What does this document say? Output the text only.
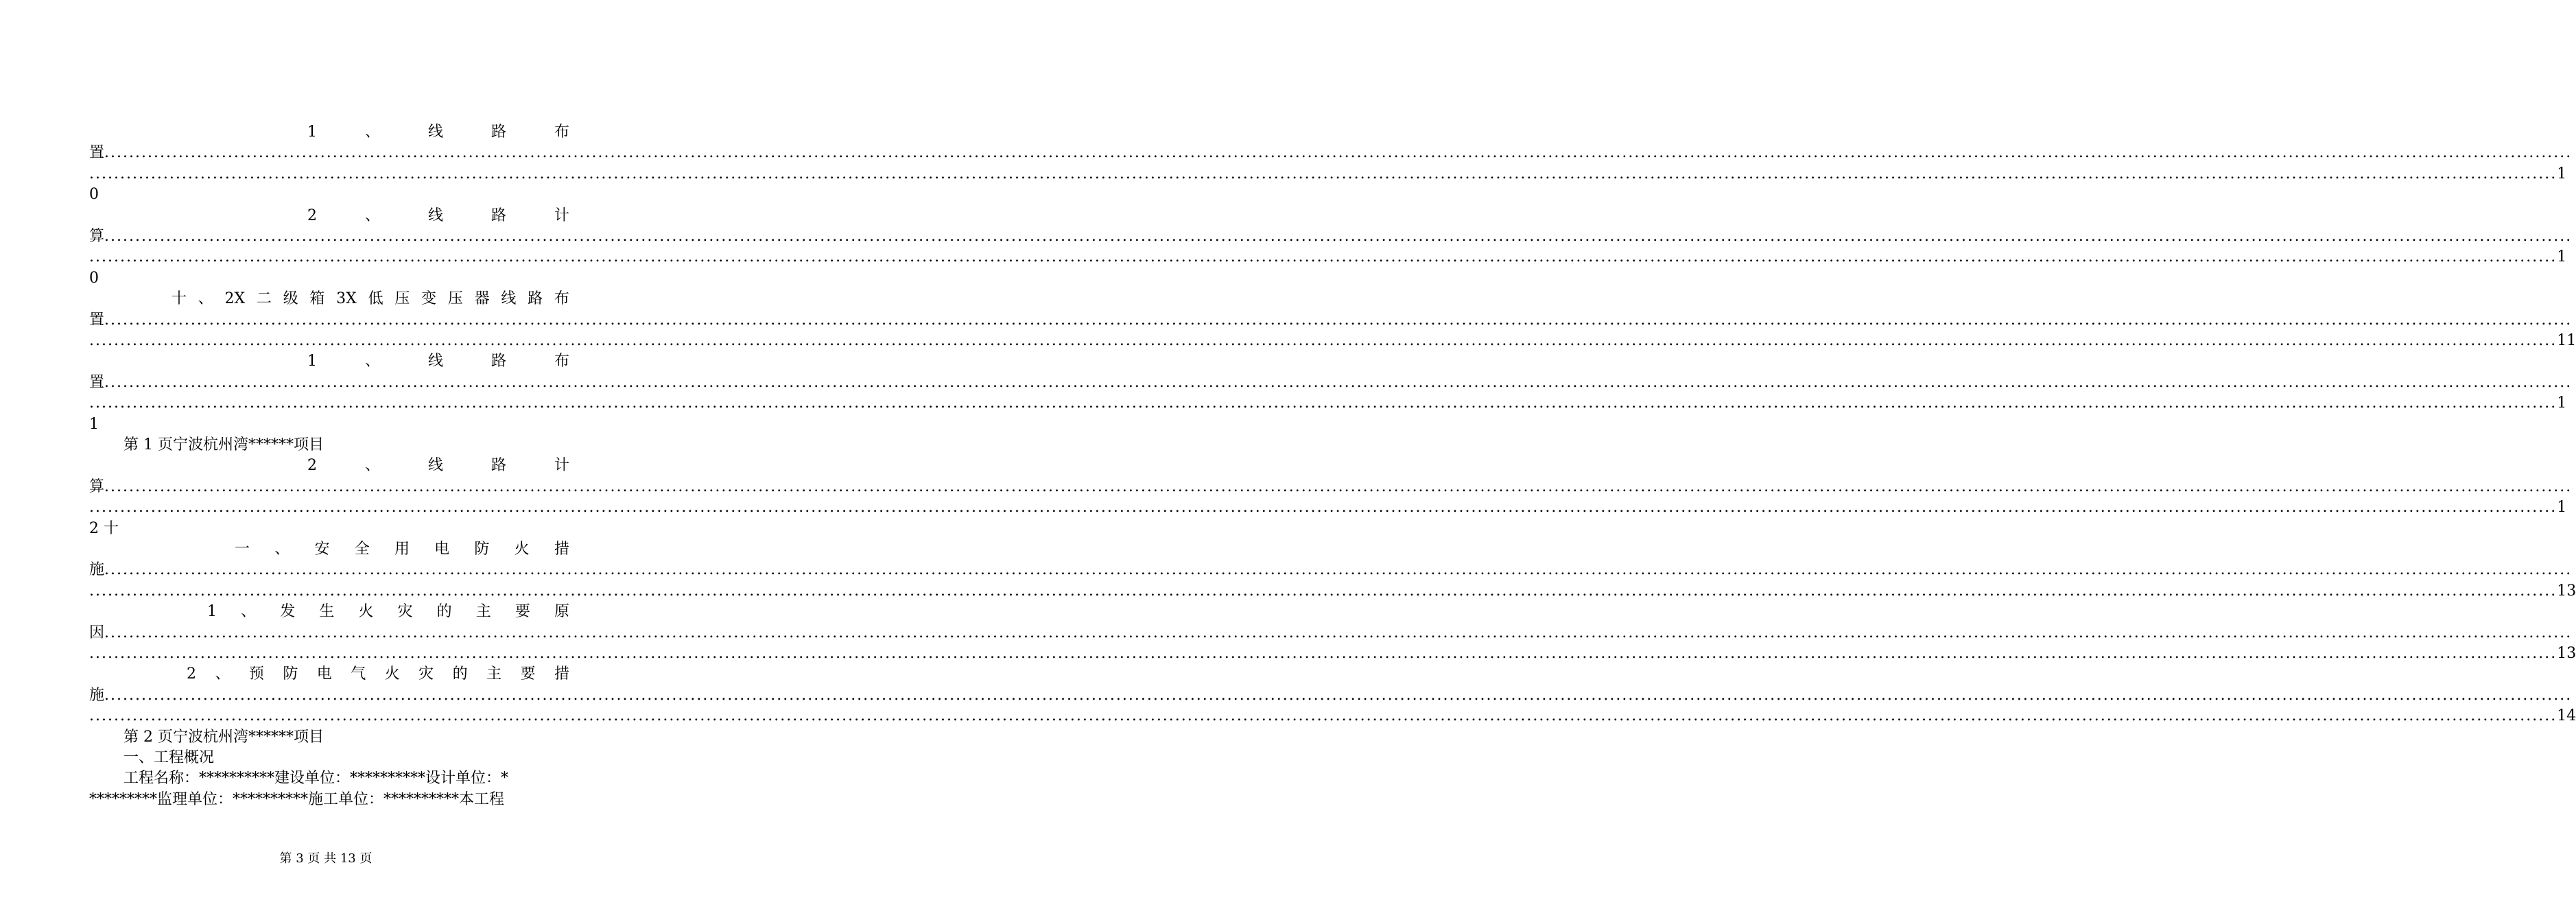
1	、	线	路	布
置 ................................................................................................................................................................................................................................................................................................................................................................................................................
................................................................................................................................................................................................................................................................................................................................................................................................................ 1
0
2	、	线	路	计
算 ................................................................................................................................................................................................................................................................................................................................................................................................................
................................................................................................................................................................................................................................................................................................................................................................................................................ 1
0
十 、 2X 二 级 箱 3X 低 压 变 压 器 线 路 布
置 ................................................................................................................................................................................................................................................................................................................................................................................................................
................................................................................................................................................................................................................................................................................................................................................................................................................ 11
1	、	线	路	布
置 ................................................................................................................................................................................................................................................................................................................................................................................................................
................................................................................................................................................................................................................................................................................................................................................................................................................ 1
1
第 1 页宁波杭州湾******项目
2	、	线	路	计
算 ................................................................................................................................................................................................................................................................................................................................................................................................................
................................................................................................................................................................................................................................................................................................................................................................................................................ 1
2 十
一 、 安 全 用 电 防 火 措
施 ................................................................................................................................................................................................................................................................................................................................................................................................................
................................................................................................................................................................................................................................................................................................................................................................................................................ 13
1 、 发 生 火 灾 的 主 要 原
因 ................................................................................................................................................................................................................................................................................................................................................................................................................
................................................................................................................................................................................................................................................................................................................................................................................................................ 13
2 、 预 防 电 气 火 灾 的 主 要 措
施 ................................................................................................................................................................................................................................................................................................................................................................................................................
................................................................................................................................................................................................................................................................................................................................................................................................................ 14
第 2 页宁波杭州湾******项目
一、工程概况
工程名称：**********建设单位：**********设计单位：*
*********监理单位：**********施工单位：**********本工程
第 3 页 共 13 页
